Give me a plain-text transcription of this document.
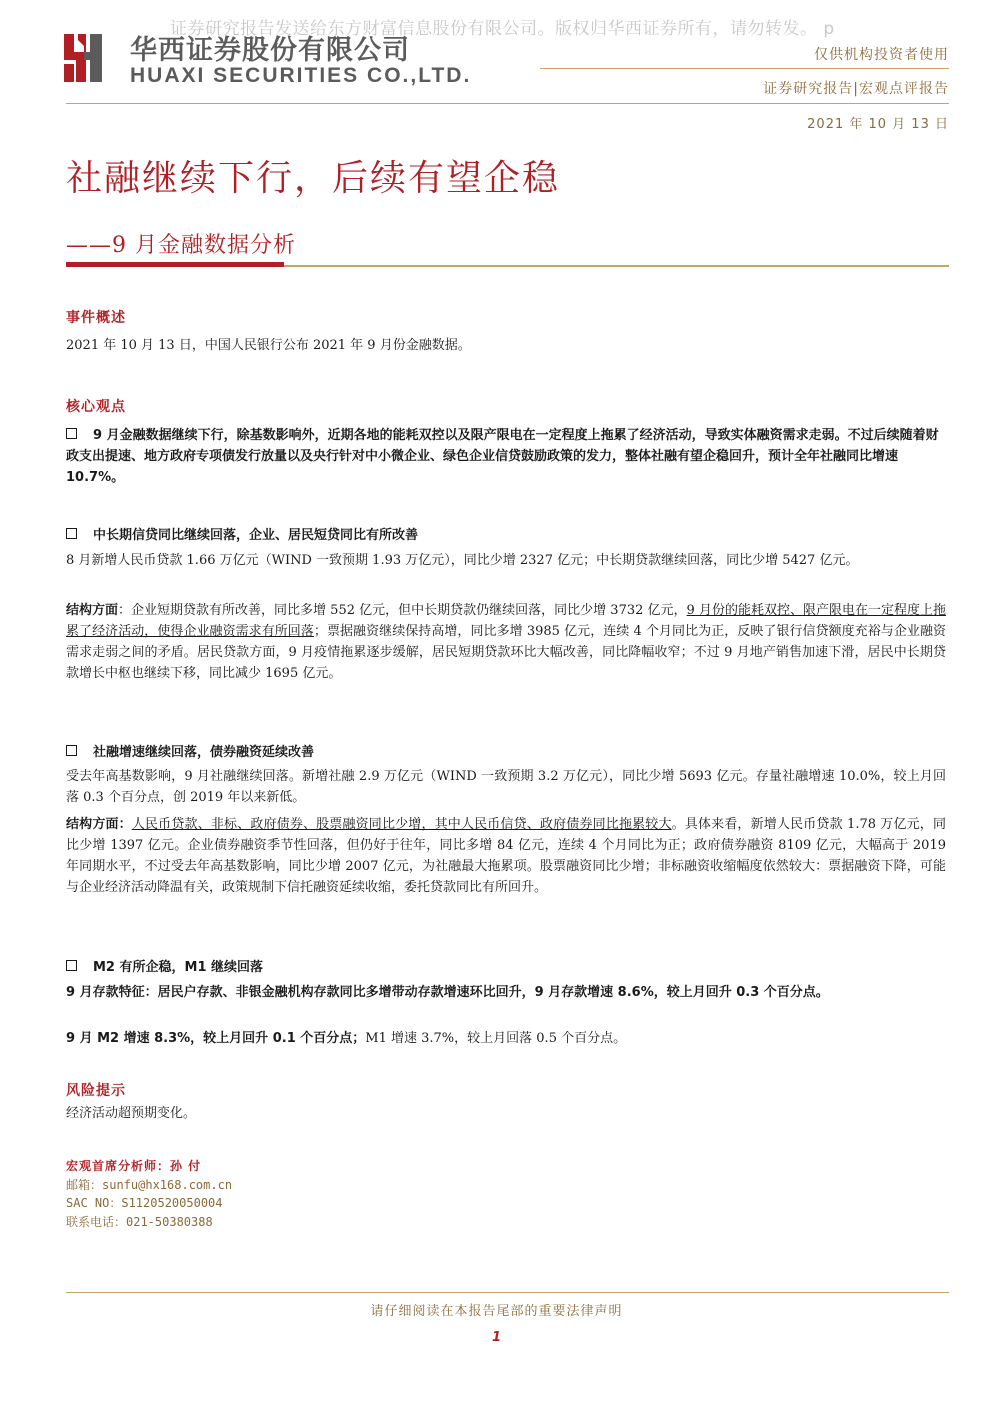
证券研究报告发送给东方财富信息股份有限公司。版权归华西证券所有，请勿转发。 p
华西证券股份有限公司
HUAXI SECURITIES CO.,LTD.
仅供机构投资者使用
证券研究报告|宏观点评报告
2021 年 10 月 13 日
社融继续下行，后续有望企稳
——9 月金融数据分析
事件概述
2021 年 10 月 13 日，中国人民银行公布 2021 年 9 月份金融数据。
核心观点
9 月金融数据继续下行，除基数影响外，近期各地的能耗双控以及限产限电在一定程度上拖累了经济活动，导致实体融资需求走弱。不过后续随着财政支出提速、地方政府专项债发行放量以及央行针对中小微企业、绿色企业信贷鼓励政策的发力，整体社融有望企稳回升，预计全年社融同比增速 10.7%。
中长期信贷同比继续回落，企业、居民短贷同比有所改善
8 月新增人民币贷款 1.66 万亿元（WIND 一致预期 1.93 万亿元），同比少增 2327 亿元；中长期贷款继续回落，同比少增 5427 亿元。
结构方面：企业短期贷款有所改善，同比多增 552 亿元，但中长期贷款仍继续回落，同比少增 3732 亿元，9 月份的能耗双控、限产限电在一定程度上拖累了经济活动，使得企业融资需求有所回落；票据融资继续保持高增，同比多增 3985 亿元，连续 4 个月同比为正，反映了银行信贷额度充裕与企业融资需求走弱之间的矛盾。居民贷款方面，9 月疫情拖累逐步缓解，居民短期贷款环比大幅改善，同比降幅收窄；不过 9 月地产销售加速下滑，居民中长期贷款增长中枢也继续下移，同比减少 1695 亿元。
社融增速继续回落，债券融资延续改善
受去年高基数影响，9 月社融继续回落。新增社融 2.9 万亿元（WIND 一致预期 3.2 万亿元），同比少增 5693 亿元。存量社融增速 10.0%，较上月回落 0.3 个百分点，创 2019 年以来新低。
结构方面：人民币贷款、非标、政府债券、股票融资同比少增，其中人民币信贷、政府债券同比拖累较大。具体来看，新增人民币贷款 1.78 万亿元，同比少增 1397 亿元。企业债券融资季节性回落，但仍好于往年，同比多增 84 亿元，连续 4 个月同比为正；政府债券融资 8109 亿元，大幅高于 2019 年同期水平，不过受去年高基数影响，同比少增 2007 亿元，为社融最大拖累项。股票融资同比少增；非标融资收缩幅度依然较大：票据融资下降，可能与企业经济活动降温有关，政策规制下信托融资延续收缩，委托贷款同比有所回升。
M2 有所企稳，M1 继续回落
9 月存款特征：居民户存款、非银金融机构存款同比多增带动存款增速环比回升，9 月存款增速 8.6%，较上月回升 0.3 个百分点。
9 月 M2 增速 8.3%，较上月回升 0.1 个百分点；M1 增速 3.7%，较上月回落 0.5 个百分点。
风险提示
经济活动超预期变化。
宏观首席分析师：孙 付
邮箱：sunfu@hx168.com.cn
SAC NO：S1120520050004
联系电话：021-50380388
请仔细阅读在本报告尾部的重要法律声明
1
